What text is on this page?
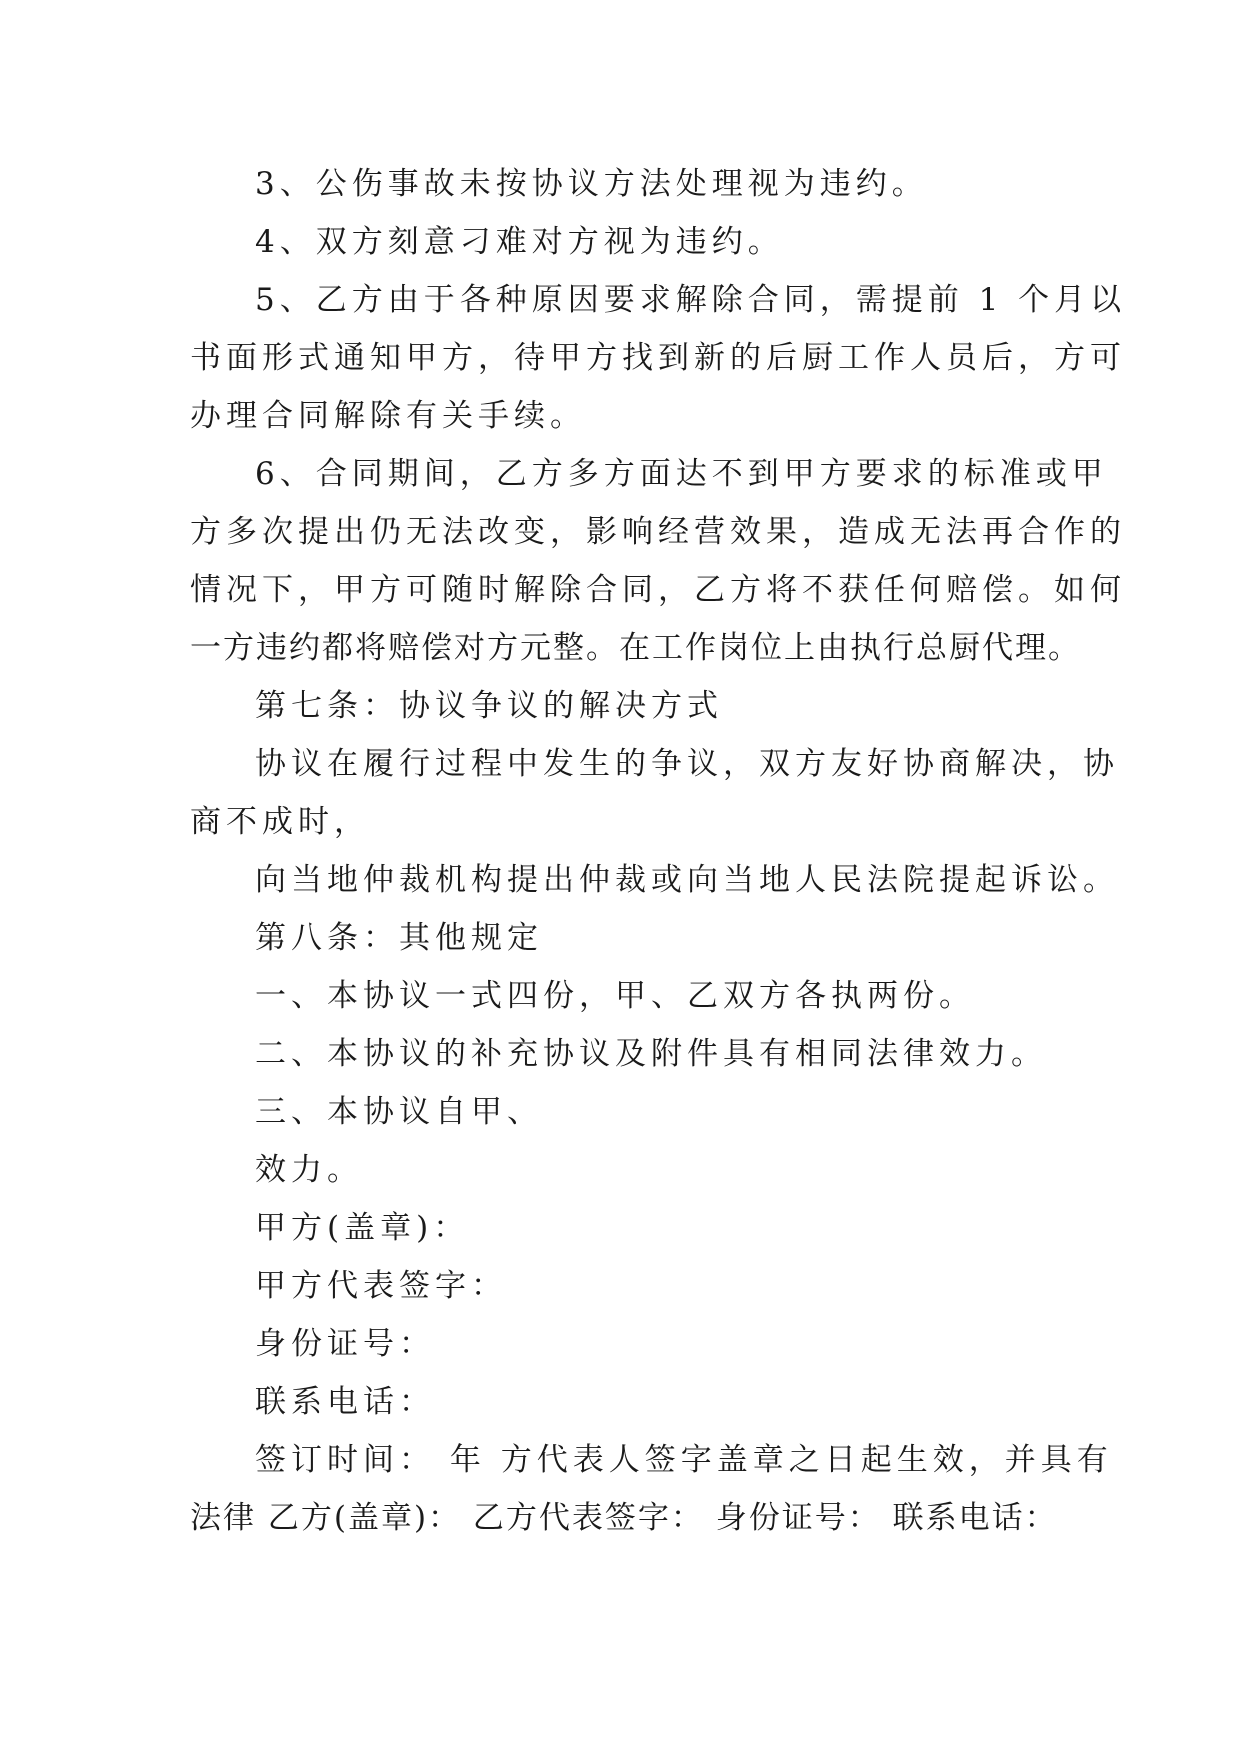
3、公伤事故未按协议方法处理视为违约。
4、双方刻意刁难对方视为违约。
5、乙方由于各种原因要求解除合同，需提前 1 个月以
书面形式通知甲方，待甲方找到新的后厨工作人员后，方可
办理合同解除有关手续。
6、合同期间，乙方多方面达不到甲方要求的标准或甲
方多次提出仍无法改变，影响经营效果，造成无法再合作的
情况下，甲方可随时解除合同，乙方将不获任何赔偿。如何
一方违约都将赔偿对方元整。在工作岗位上由执行总厨代理。
第七条：协议争议的解决方式
协议在履行过程中发生的争议，双方友好协商解决，协
商不成时，
向当地仲裁机构提出仲裁或向当地人民法院提起诉讼。
第八条：其他规定
一、本协议一式四份，甲、乙双方各执两份。
二、本协议的补充协议及附件具有相同法律效力。
三、本协议自甲、
效力。
甲方(盖章)：
甲方代表签字：
身份证号：
联系电话：
签订时间： 年 方代表人签字盖章之日起生效，并具有
法律 乙方(盖章)： 乙方代表签字： 身份证号： 联系电话：
